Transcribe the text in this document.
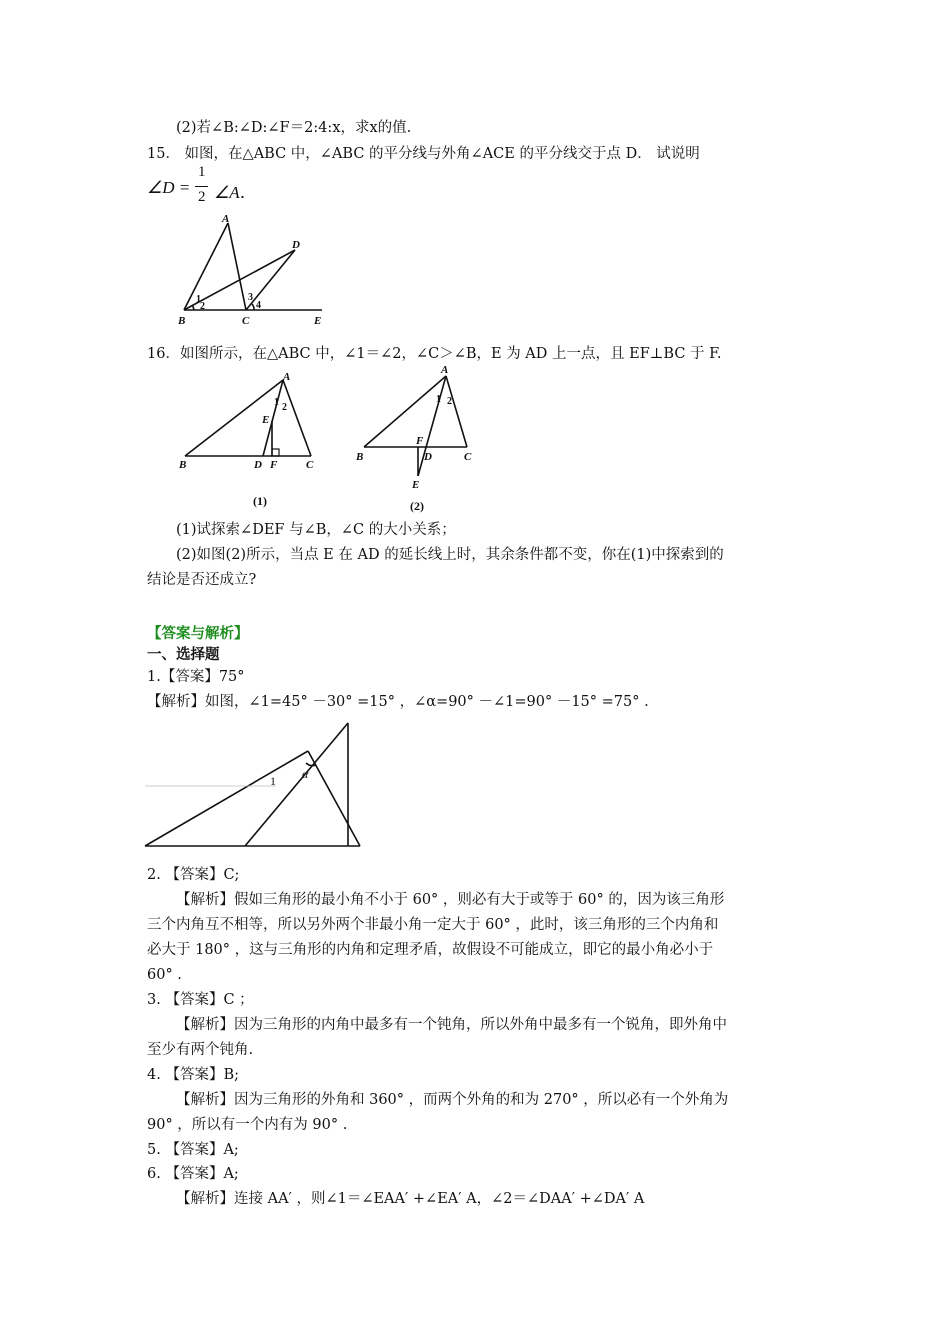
(2)若∠B:∠D:∠F＝2:4:x，求x的值.
15． 如图，在△ABC 中，∠ABC 的平分线与外角∠ACE 的平分线交于点 D． 试说明
∠D =
1
2 ∠A．
A
D
B	C	E
1
2
3
4
16．如图所示，在△ABC 中，∠1＝∠2，∠C＞∠B，E 为 AD 上一点，且 EF⊥BC 于 F.
A
B	C
D
E
F
1 2
(1)
A
B	C
D
E
F
1 2
(2)
(1)试探索∠DEF 与∠B，∠C 的大小关系；
(2)如图(2)所示，当点 E 在 AD 的延长线上时，其余条件都不变，你在(1)中探索到的
结论是否还成立?
【答案与解析】
一、选择题
1.【答案】75°
【解析】如图，∠1=45° －30° =15° ，∠α=90° －∠1=90° －15° =75° .
1 α
2. 【答案】C;
【解析】假如三角形的最小角不小于 60° ，则必有大于或等于 60° 的，因为该三角形
三个内角互不相等，所以另外两个非最小角一定大于 60° ，此时，该三角形的三个内角和
必大于 180° ，这与三角形的内角和定理矛盾，故假设不可能成立，即它的最小角必小于
60° .
3. 【答案】C ；
【解析】因为三角形的内角中最多有一个钝角，所以外角中最多有一个锐角，即外角中
至少有两个钝角.
4. 【答案】B;
【解析】因为三角形的外角和 360° ，而两个外角的和为 270° ，所以必有一个外角为
90° ，所以有一个内有为 90° .
5. 【答案】A;
6. 【答案】A;
【解析】连接 AA′ ，则∠1＝∠EAA′ +∠EA′ A，∠2＝∠DAA′ +∠DA′ A
